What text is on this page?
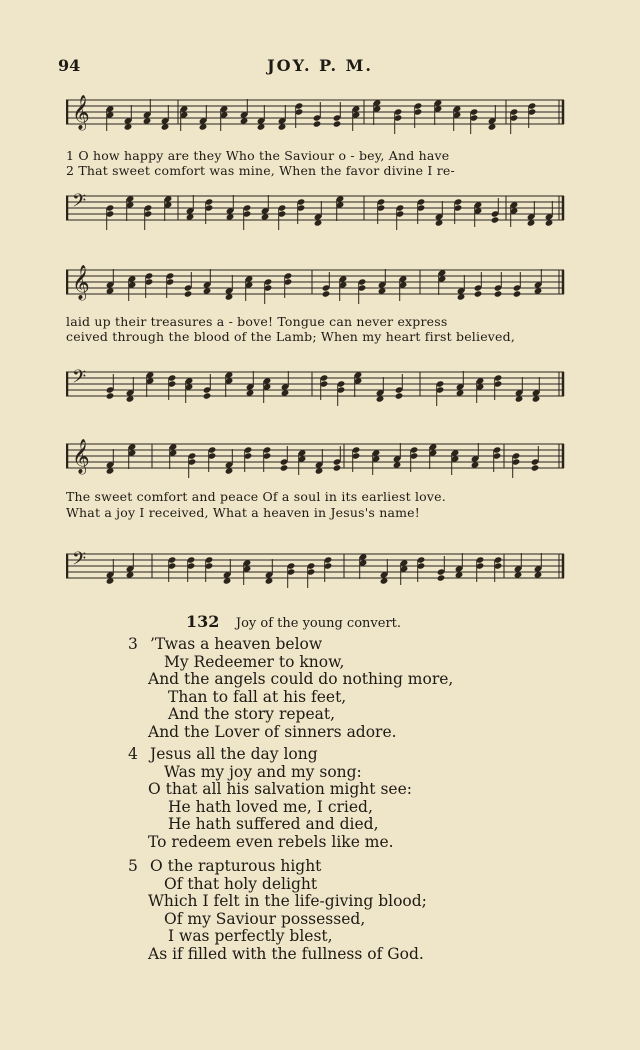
94	JOY. P. M.
𝄞
1 O how happy are they Who the Saviour o - bey, And have
2 That sweet comfort was mine, When the favor divine I re-
𝄢
𝄞
laid up their treasures a - bove! Tongue can never express
ceived through the blood of the Lamb; When my heart first believed,
𝄢
𝄞
The sweet comfort and peace Of a soul in its earliest love.
What a joy I received, What a heaven in Jesus's name!
𝄢
132 Joy of the young convert.
3 ’Twas a heaven below
My Redeemer to know,
And the angels could do nothing more,
Than to fall at his feet,
And the story repeat,
And the Lover of sinners adore.
4 Jesus all the day long
Was my joy and my song:
O that all his salvation might see:
He hath loved me, I cried,
He hath suffered and died,
To redeem even rebels like me.
5 O the rapturous hight
Of that holy delight
Which I felt in the life-giving blood;
Of my Saviour possessed,
I was perfectly blest,
As if filled with the fullness of God.
